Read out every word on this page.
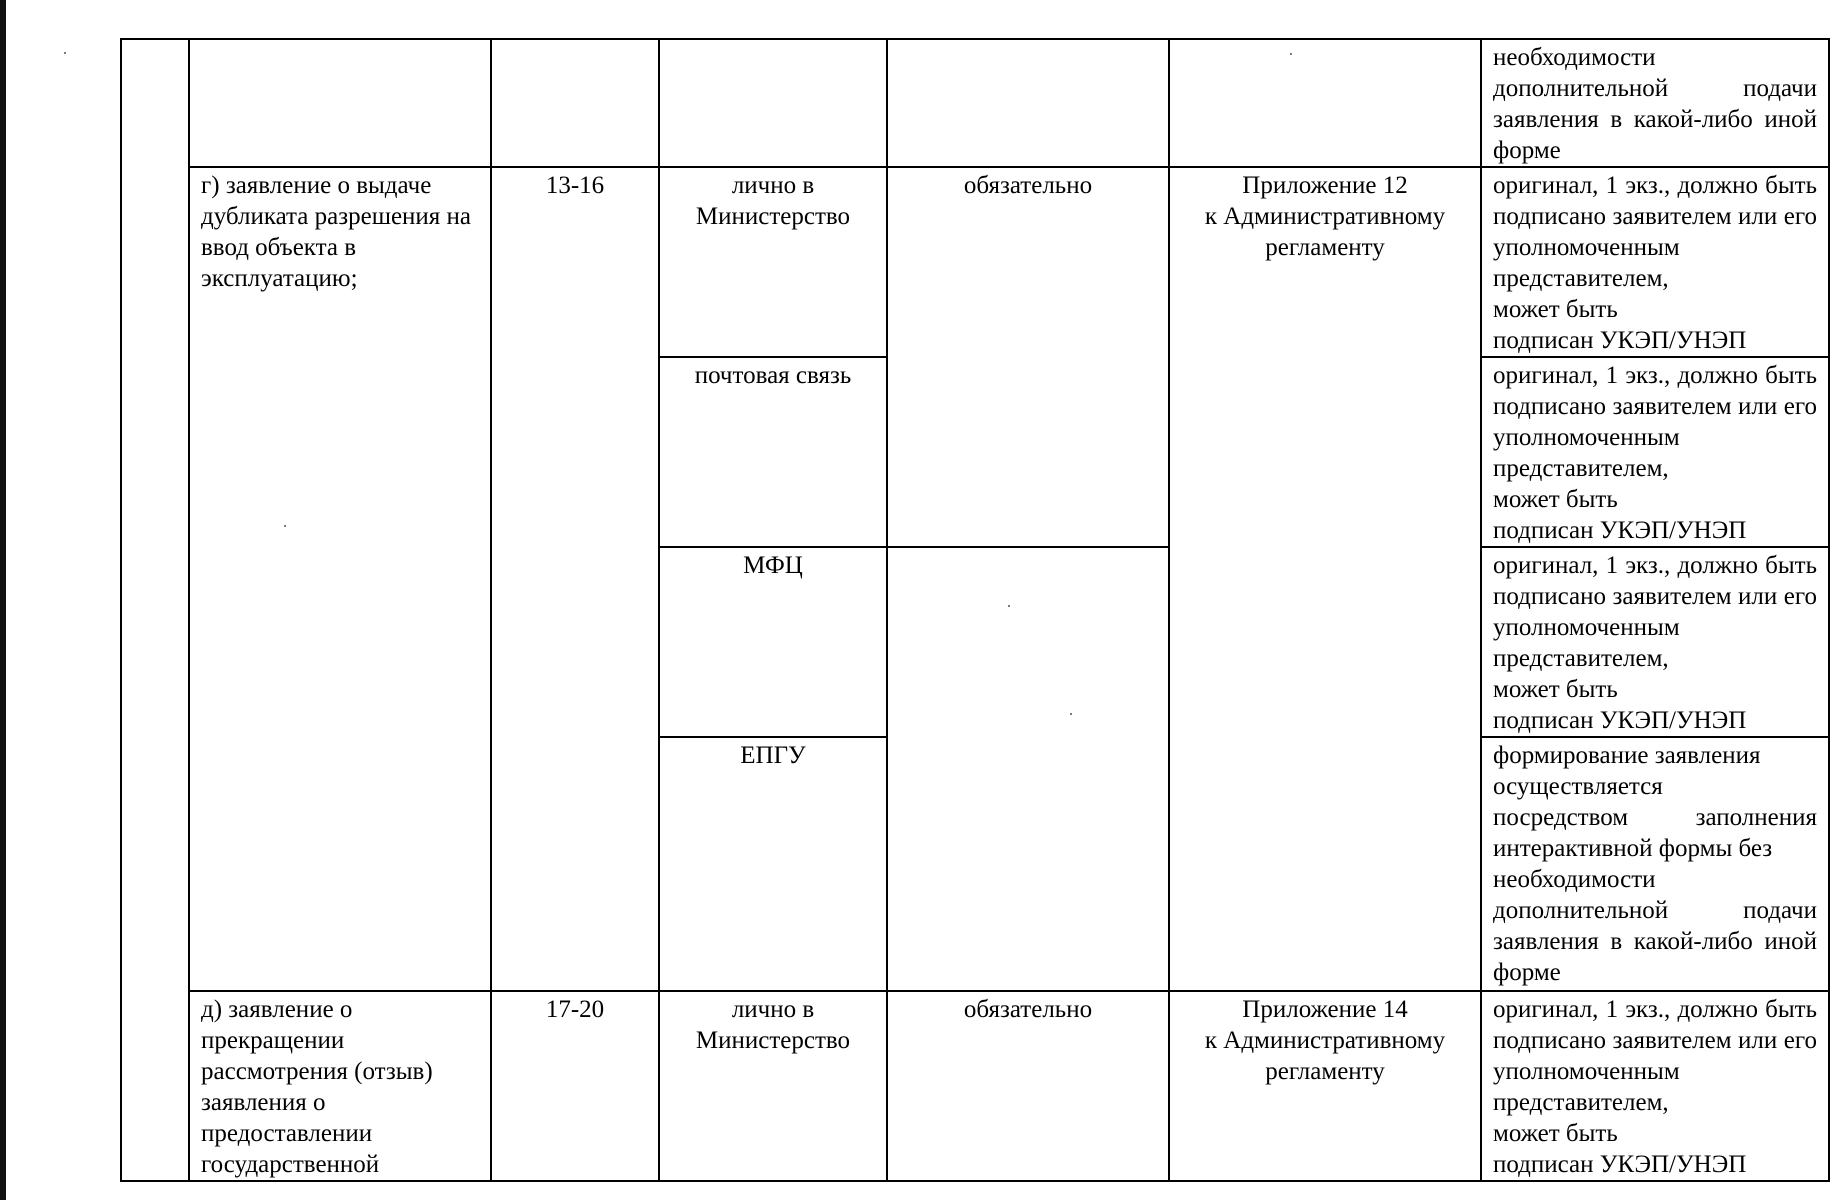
						необходимости дополнительной подачи заявления в какой-либо иной форме
	г) заявление о выдаче дубликата разрешения на ввод объекта в эксплуатацию;	13-16	лично в Министерство	обязательно	Приложение 12
к Административному
регламенту	оригинал, 1 экз., должно быть подписано заявителем или его уполномоченным представителем,
может быть
подписан УКЭП/УНЭП

			почтовая связь			оригинал, 1 экз., должно быть подписано заявителем или его уполномоченным представителем,
может быть
подписан УКЭП/УНЭП

			МФЦ			оригинал, 1 экз., должно быть подписано заявителем или его уполномоченным представителем,
может быть
подписан УКЭП/УНЭП

			ЕПГУ			формирование заявления
осуществляется
посредством заполнения интерактивной формы без
необходимости
дополнительной подачи заявления в какой-либо иной форме

	д) заявление о прекращении рассмотрения (отзыв) заявления о предоставлении государственной	17-20	лично в Министерство	обязательно	Приложение 14
к Административному
регламенту	оригинал, 1 экз., должно быть подписано заявителем или его уполномоченным представителем,
может быть
подписан УКЭП/УНЭП
